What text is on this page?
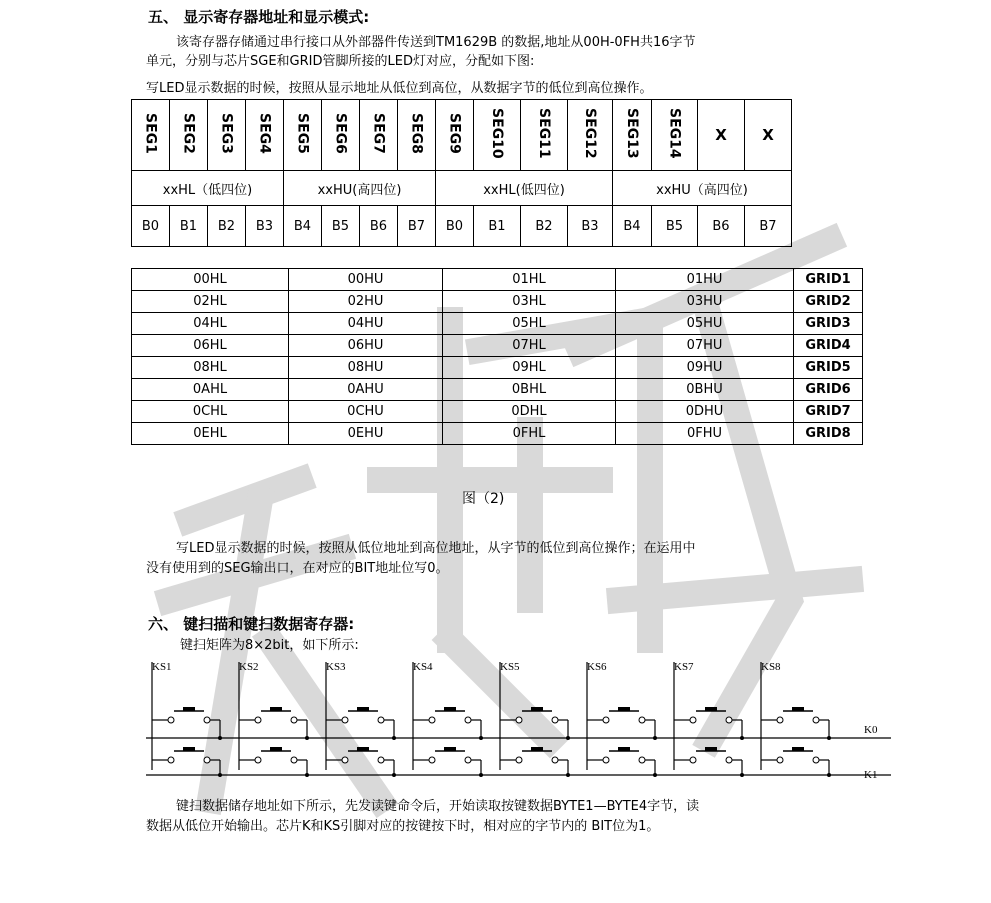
五、 显示寄存器地址和显示模式:
该寄存器存储通过串行接口从外部器件传送到TM1629B 的数据,地址从00H-0FH共16字节
单元，分别与芯片SGE和GRID管脚所接的LED灯对应，分配如下图:
写LED显示数据的时候，按照从显示地址从低位到高位，从数据字节的低位到高位操作。
SEG1	SEG2	SEG3	SEG4	SEG5	SEG6	SEG7	SEG8	SEG9	SEG10	SEG11	SEG12	SEG13	SEG14	X	X
xxHL（低四位)				xxHU(高四位)				xxHL(低四位)				xxHU（高四位)			
B0	B1	B2	B3	B4	B5	B6	B7	B0	B1	B2	B3	B4	B5	B6	B7
00HL	00HU	01HL	01HU	GRID1
02HL	02HU	03HL	03HU	GRID2
04HL	04HU	05HL	05HU	GRID3
06HL	06HU	07HL	07HU	GRID4
08HL	08HU	09HL	09HU	GRID5
0AHL	0AHU	0BHL	0BHU	GRID6
0CHL	0CHU	0DHL	0DHU	GRID7
0EHL	0EHU	0FHL	0FHU	GRID8
图（2)
写LED显示数据的时候，按照从低位地址到高位地址，从字节的低位到高位操作；在运用中
没有使用到的SEG输出口，在对应的BIT地址位写0。
六、 键扫描和键扫数据寄存器:
键扫矩阵为8×2bit，如下所示:
K0
K1
KS1	KS2	KS3	KS4	KS5	KS6	KS7	KS8
键扫数据储存地址如下所示，先发读键命令后，开始读取按键数据BYTE1—BYTE4字节，读
数据从低位开始输出。芯片K和KS引脚对应的按键按下时，相对应的字节内的 BIT位为1。
